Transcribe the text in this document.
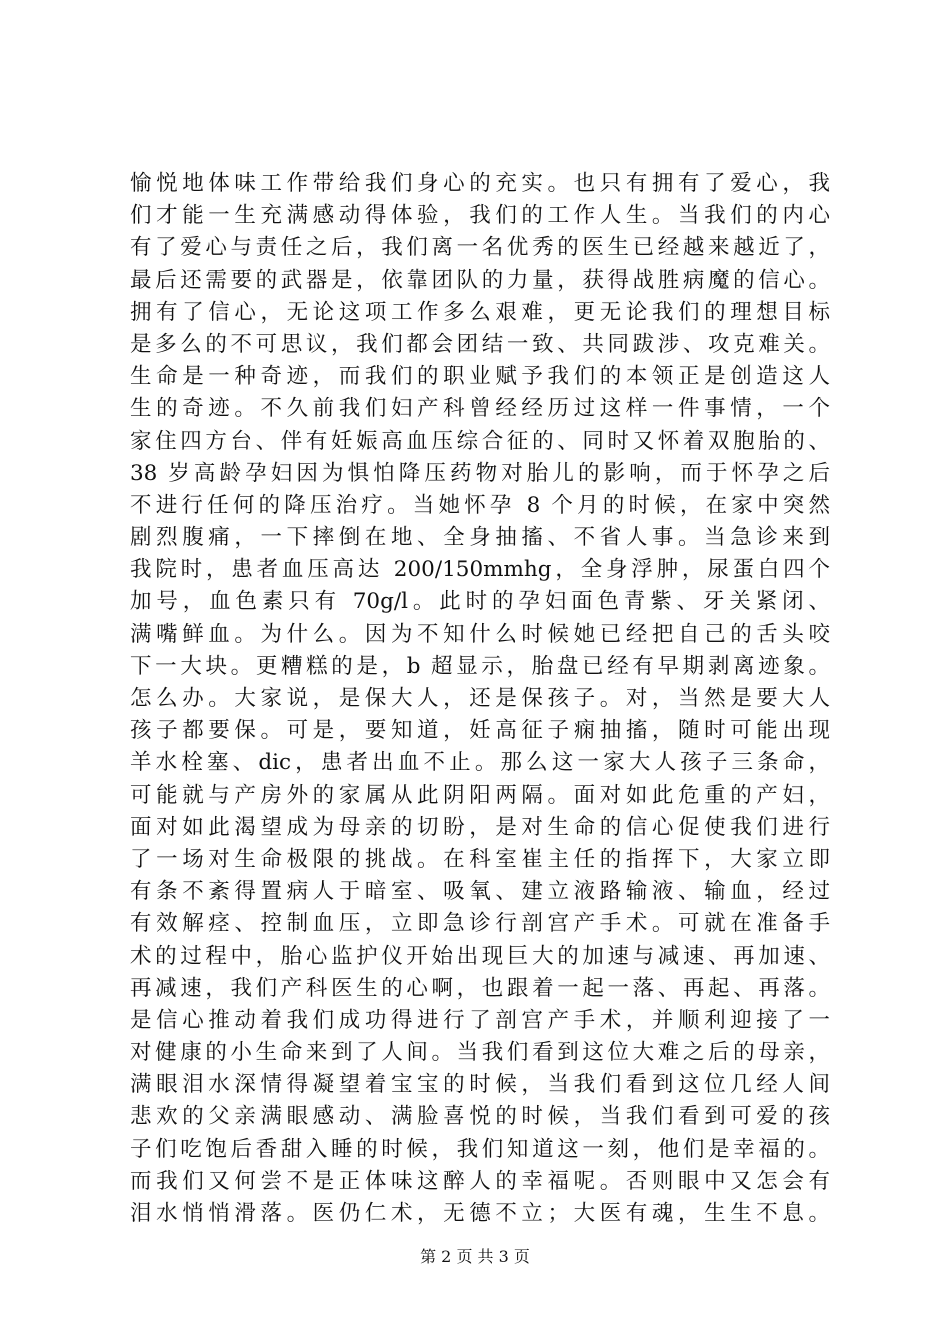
愉悦地体味工作带给我们身心的充实。也只有拥有了爱心，我
们才能一生充满感动得体验，我们的工作人生。当我们的内心
有了爱心与责任之后，我们离一名优秀的医生已经越来越近了，
最后还需要的武器是，依靠团队的力量，获得战胜病魔的信心。
拥有了信心，无论这项工作多么艰难，更无论我们的理想目标
是多么的不可思议，我们都会团结一致、共同跋涉、攻克难关。
生命是一种奇迹，而我们的职业赋予我们的本领正是创造这人
生的奇迹。不久前我们妇产科曾经经历过这样一件事情，一个
家住四方台、伴有妊娠高血压综合征的、同时又怀着双胞胎的、
38 岁高龄孕妇因为惧怕降压药物对胎儿的影响，而于怀孕之后
不进行任何的降压治疗。当她怀孕 8 个月的时候，在家中突然
剧烈腹痛，一下摔倒在地、全身抽搐、不省人事。当急诊来到
我院时，患者血压高达 200/150mmhg，全身浮肿，尿蛋白四个
加号，血色素只有 70g/l。此时的孕妇面色青紫、牙关紧闭、
满嘴鲜血。为什么。因为不知什么时候她已经把自己的舌头咬
下一大块。更糟糕的是，b 超显示，胎盘已经有早期剥离迹象。
怎么办。大家说，是保大人，还是保孩子。对，当然是要大人
孩子都要保。可是，要知道，妊高征子痫抽搐，随时可能出现
羊水栓塞、dic，患者出血不止。那么这一家大人孩子三条命，
可能就与产房外的家属从此阴阳两隔。面对如此危重的产妇，
面对如此渴望成为母亲的切盼，是对生命的信心促使我们进行
了一场对生命极限的挑战。在科室崔主任的指挥下，大家立即
有条不紊得置病人于暗室、吸氧、建立液路输液、输血，经过
有效解痉、控制血压，立即急诊行剖宫产手术。可就在准备手
术的过程中，胎心监护仪开始出现巨大的加速与减速、再加速、
再减速，我们产科医生的心啊，也跟着一起一落、再起、再落。
是信心推动着我们成功得进行了剖宫产手术，并顺利迎接了一
对健康的小生命来到了人间。当我们看到这位大难之后的母亲，
满眼泪水深情得凝望着宝宝的时候，当我们看到这位几经人间
悲欢的父亲满眼感动、满脸喜悦的时候，当我们看到可爱的孩
子们吃饱后香甜入睡的时候，我们知道这一刻，他们是幸福的。
而我们又何尝不是正体味这醉人的幸福呢。否则眼中又怎会有
泪水悄悄滑落。医仍仁术，无德不立；大医有魂，生生不息。
第 2 页 共 3 页
